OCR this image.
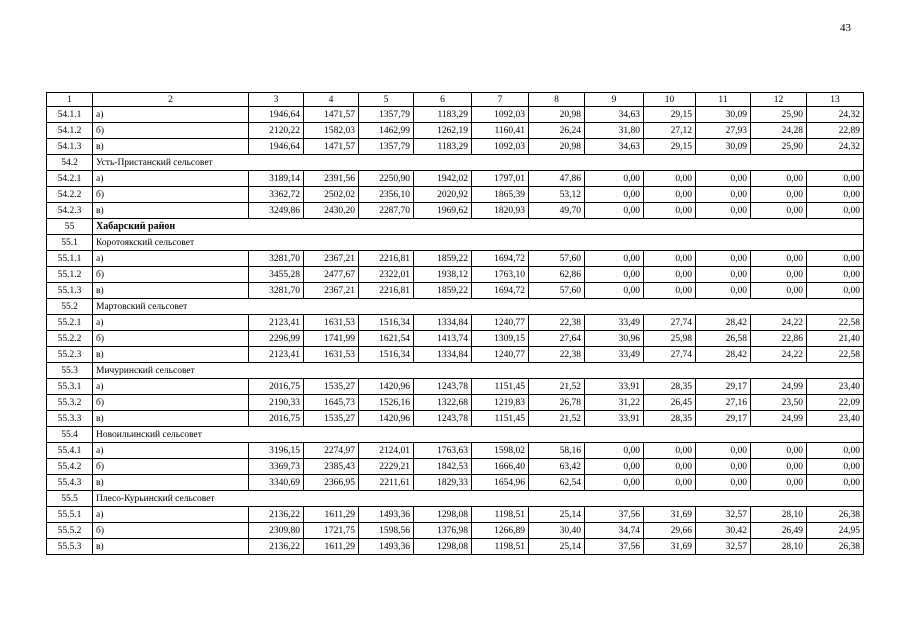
43
1	2	3	4	5	6	7	8	9	10	11	12	13
54.1.1	а)	1946,64	1471,57	1357,79	1183,29	1092,03	20,98	34,63	29,15	30,09	25,90	24,32
54.1.2	б)	2120,22	1582,03	1462,99	1262,19	1160,41	26,24	31,80	27,12	27,93	24,28	22,89
54.1.3	в)	1946,64	1471,57	1357,79	1183,29	1092,03	20,98	34,63	29,15	30,09	25,90	24,32
54.2	Усть-Пристанский сельсовет											
54.2.1	а)	3189,14	2391,56	2250,90	1942,02	1797,01	47,86	0,00	0,00	0,00	0,00	0,00
54.2.2	б)	3362,72	2502,02	2356,10	2020,92	1865,39	53,12	0,00	0,00	0,00	0,00	0,00
54.2.3	в)	3249,86	2430,20	2287,70	1969,62	1820,93	49,70	0,00	0,00	0,00	0,00	0,00
55	Хабарский район											
55.1	Коротоякский сельсовет											
55.1.1	а)	3281,70	2367,21	2216,81	1859,22	1694,72	57,60	0,00	0,00	0,00	0,00	0,00
55.1.2	б)	3455,28	2477,67	2322,01	1938,12	1763,10	62,86	0,00	0,00	0,00	0,00	0,00
55.1.3	в)	3281,70	2367,21	2216,81	1859,22	1694,72	57,60	0,00	0,00	0,00	0,00	0,00
55.2	Мартовский сельсовет											
55.2.1	а)	2123,41	1631,53	1516,34	1334,84	1240,77	22,38	33,49	27,74	28,42	24,22	22,58
55.2.2	б)	2296,99	1741,99	1621,54	1413,74	1309,15	27,64	30,96	25,98	26,58	22,86	21,40
55.2.3	в)	2123,41	1631,53	1516,34	1334,84	1240,77	22,38	33,49	27,74	28,42	24,22	22,58
55.3	Мичуринский сельсовет											
55.3.1	а)	2016,75	1535,27	1420,96	1243,78	1151,45	21,52	33,91	28,35	29,17	24,99	23,40
55.3.2	б)	2190,33	1645,73	1526,16	1322,68	1219,83	26,78	31,22	26,45	27,16	23,50	22,09
55.3.3	в)	2016,75	1535,27	1420,96	1243,78	1151,45	21,52	33,91	28,35	29,17	24,99	23,40
55.4	Новоильинский сельсовет											
55.4.1	а)	3196,15	2274,97	2124,01	1763,63	1598,02	58,16	0,00	0,00	0,00	0,00	0,00
55.4.2	б)	3369,73	2385,43	2229,21	1842,53	1666,40	63,42	0,00	0,00	0,00	0,00	0,00
55.4.3	в)	3340,69	2366,95	2211,61	1829,33	1654,96	62,54	0,00	0,00	0,00	0,00	0,00
55.5	Плесо-Курьинский сельсовет											
55.5.1	а)	2136,22	1611,29	1493,36	1298,08	1198,51	25,14	37,56	31,69	32,57	28,10	26,38
55.5.2	б)	2309,80	1721,75	1598,56	1376,98	1266,89	30,40	34,74	29,66	30,42	26,49	24,95
55.5.3	в)	2136,22	1611,29	1493,36	1298,08	1198,51	25,14	37,56	31,69	32,57	28,10	26,38
